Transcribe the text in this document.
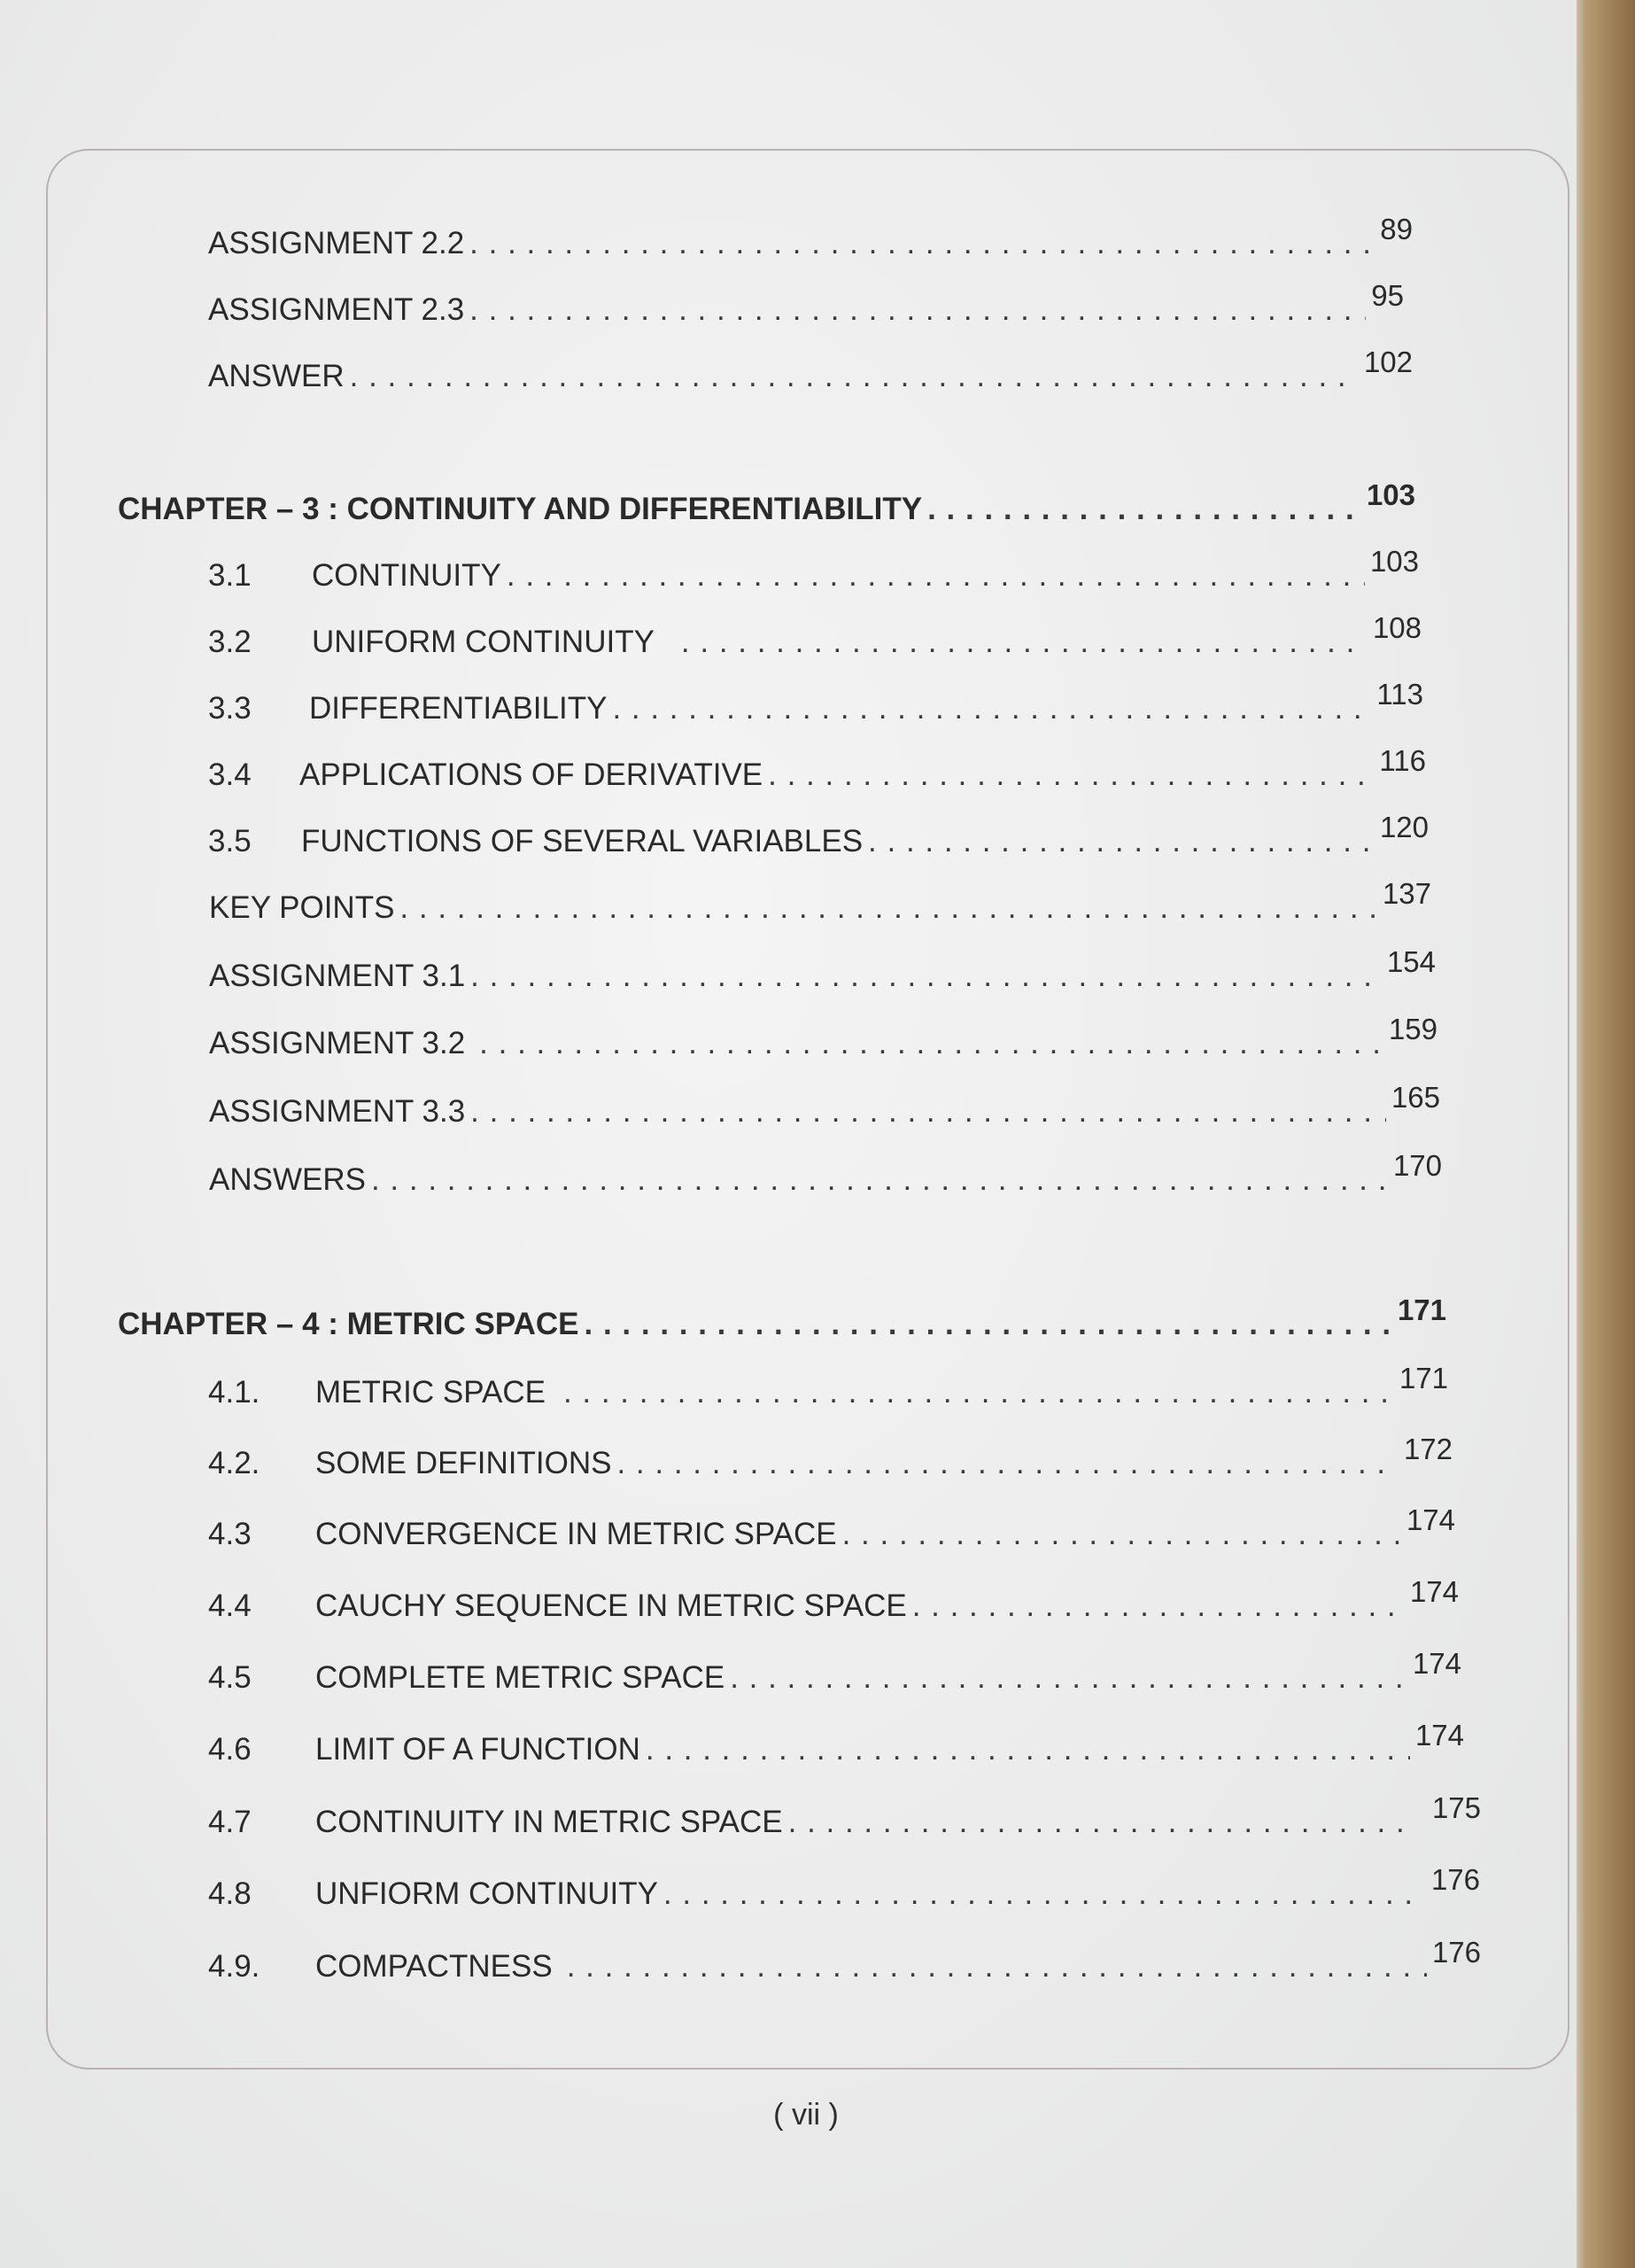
ASSIGNMENT 2.2 . . .	89
ASSIGNMENT 2.3 . . .	95
ANSWER . . .	102
CHAPTER – 3 : CONTINUITY AND DIFFERENTIABILITY . . .	103
3.1	CONTINUITY . . .	103
3.2	UNIFORM CONTINUITY . . .	108
3.3	DIFFERENTIABILITY . . .	113
3.4	APPLICATIONS OF DERIVATIVE . . .	116
3.5	FUNCTIONS OF SEVERAL VARIABLES . . .	120
KEY POINTS . . .	137
ASSIGNMENT 3.1 . . .	154
ASSIGNMENT 3.2 . . .	159
ASSIGNMENT 3.3 . . .	165
ANSWERS . . .	170
CHAPTER – 4 : METRIC SPACE . . .	171
4.1.	METRIC SPACE . . .	171
4.2.	SOME DEFINITIONS . . .	172
4.3	CONVERGENCE IN METRIC SPACE . . .	174
4.4	CAUCHY SEQUENCE IN METRIC SPACE . . .	174
4.5	COMPLETE METRIC SPACE . . .	174
4.6	LIMIT OF A FUNCTION . . .	174
4.7	CONTINUITY IN METRIC SPACE . . .	175
4.8	UNFIORM CONTINUITY . . .	176
4.9.	COMPACTNESS . . .	176
( vii )
